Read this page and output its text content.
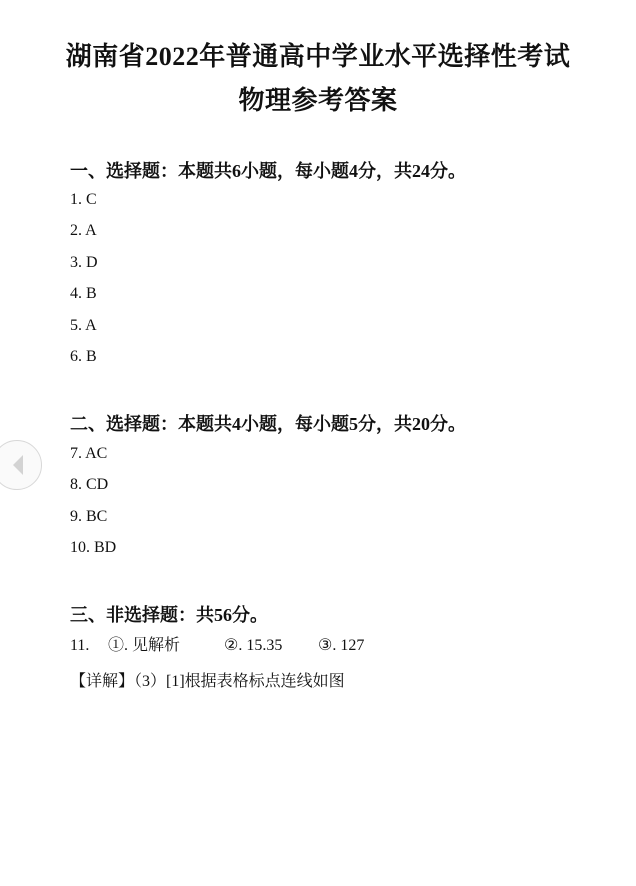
湖南省2022年普通高中学业水平选择性考试
物理参考答案
一、选择题：本题共6小题，每小题4分，共24分。
1. C
2. A
3. D
4. B
5. A
6. B
二、选择题：本题共4小题，每小题5分，共20分。
7. AC
8. CD
9. BC
10. BD
三、非选择题：共56分。
11. ①. 见解析	②. 15.35 ③. 127
【详解】（3）[1]根据表格标点连线如图
